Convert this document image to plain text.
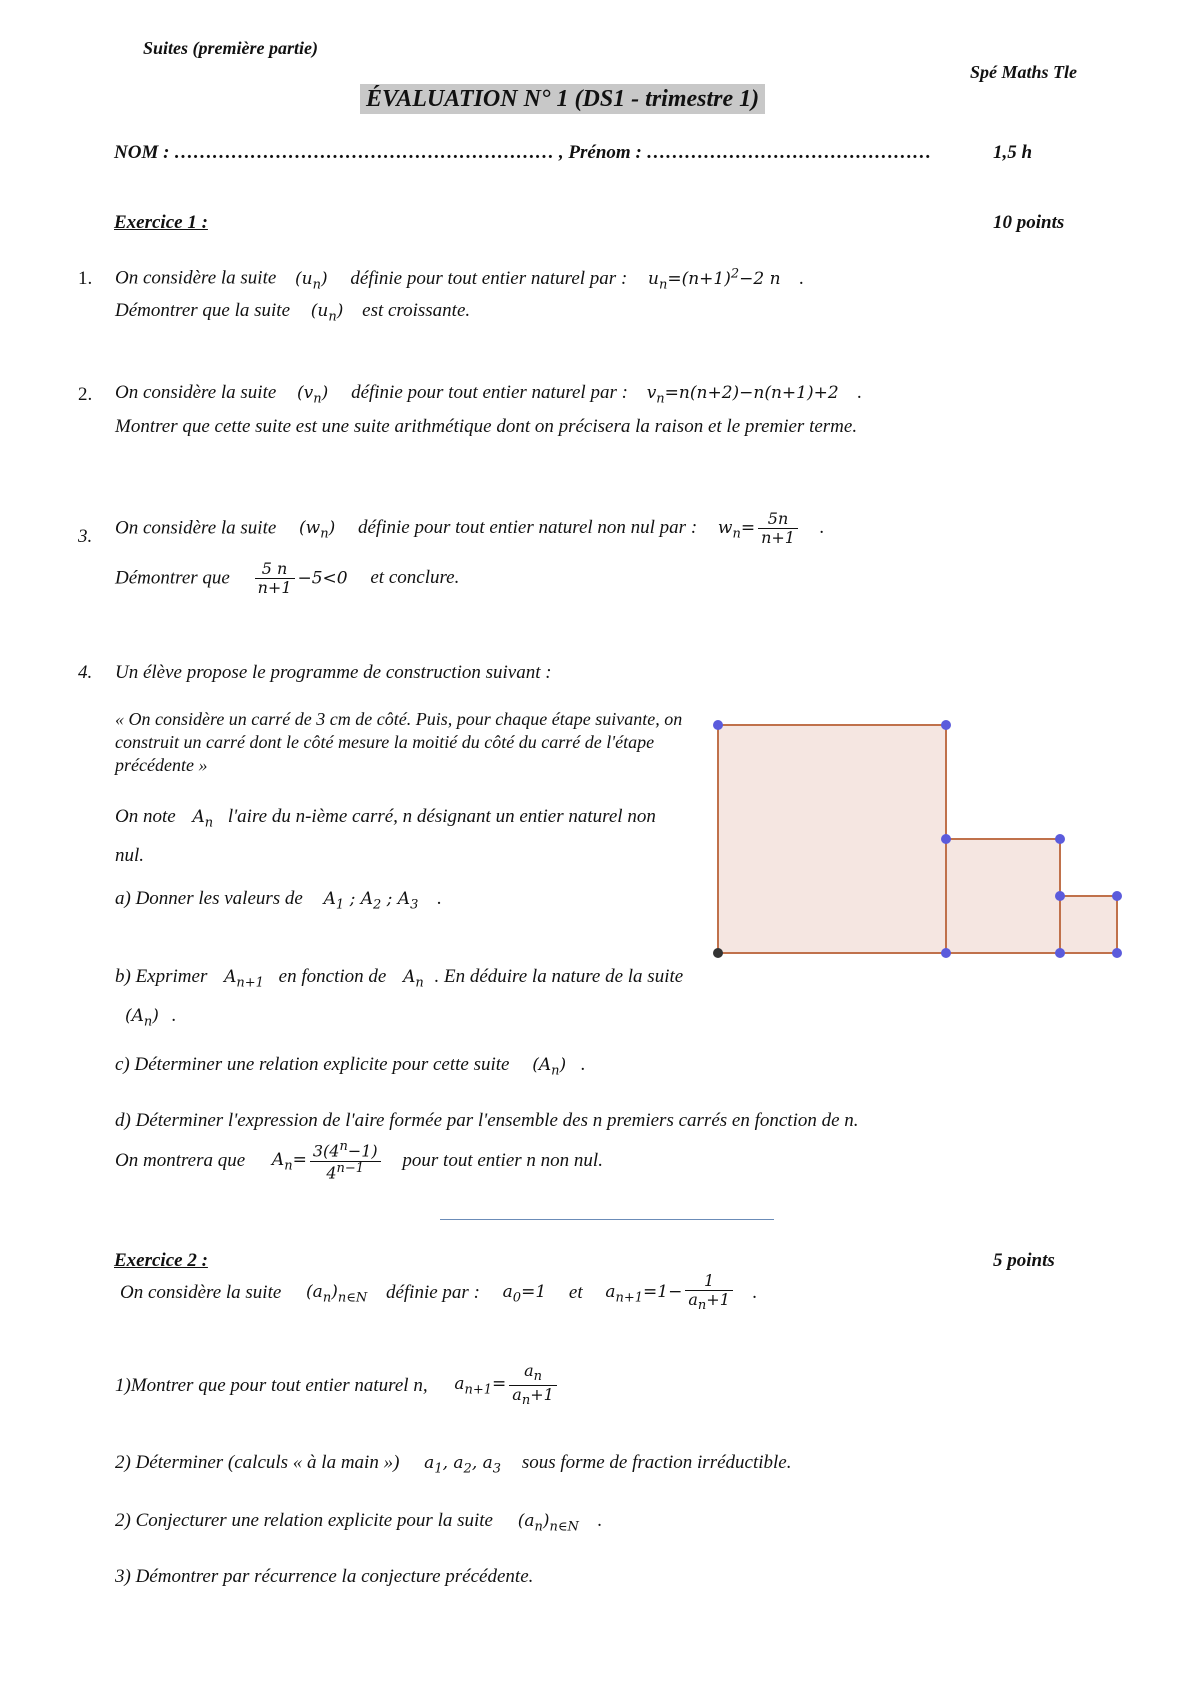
Suites (première partie)
Spé Maths Tle
ÉVALUATION N° 1 (DS1 - trimestre 1)
NOM : …………………………………………………… , Prénom : ………………………………………	1,5 h
Exercice 1 :	10 points
1. On considère la suite $(u_n)$ définie pour tout entier naturel par : $u_n=(n+1)^2-2$ n .
Démontrer que la suite $(u_n)$ est croissante.
2. On considère la suite $(v_n)$ définie pour tout entier naturel par : $v_n=n(n+2)-n(n+1)+2$ .
Montrer que cette suite est une suite arithmétique dont on précisera la raison et le premier terme.
3. On considère la suite $(w_n)$ définie pour tout entier naturel non nul par : $w_n= \frac{5n}{n+1}$ .
Démontrer que $\frac{5 n}{n+1} -5<0$ et conclure.
4. Un élève propose le programme de construction suivant :
« On considère un carré de 3 cm de côté. Puis, pour chaque étape suivante, on construit un carré dont le côté mesure la moitié du côté du carré de l'étape précédente »
On note $A_n$ l'aire du n-ième carré, n désignant un entier naturel non nul.
a) Donner les valeurs de $A_1$ ; $A_2$ ; $A_3$ .
b) Exprimer $A_{n+1}$ en fonction de $A_n$ . En déduire la nature de la suite $(A_n)$ .
c) Déterminer une relation explicite pour cette suite $(A_n)$ .
d) Déterminer l'expression de l'aire formée par l'ensemble des n premiers carrés en fonction de n.
On montrera que $A_n= \frac{3(4^n-1)}{4^{n-1}}$ pour tout entier n non nul.
Exercice 2 :	5 points
On considère la suite $(a_n)_{n\in N}$ définie par : $a_0=1$ et $a_{n+1}=1- \frac{1}{a_n+1}$ .
1)Montrer que pour tout entier naturel n, $a_{n+1}= \frac{a_n}{a_n+1}$
2) Déterminer (calculs « à la main ») $a_1$, $a_2$, $a_3$ sous forme de fraction irréductible.
2) Conjecturer une relation explicite pour la suite $(a_n)_{n\in N}$ .
3) Démontrer par récurrence la conjecture précédente.
